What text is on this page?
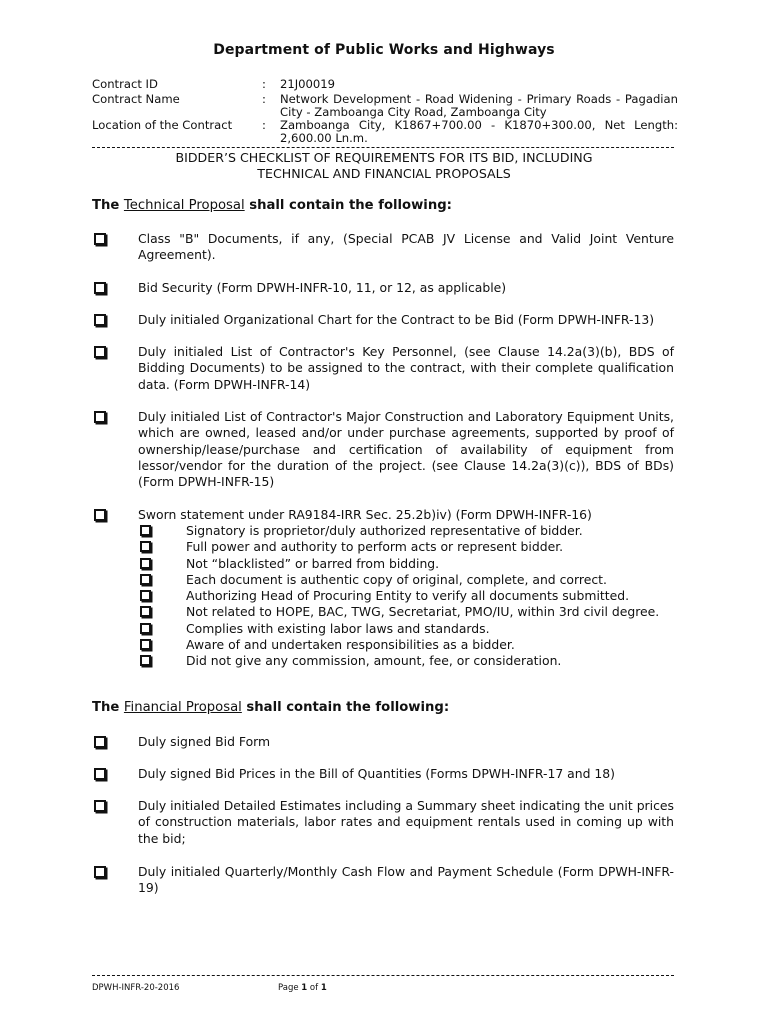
Department of Public Works and Highways
Contract ID	: 21J00019
Contract Name	: Network Development - Road Widening - Primary Roads - Pagadian City - Zamboanga City Road, Zamboanga City
Location of the Contract	: Zamboanga City, K1867+700.00 - K1870+300.00, Net Length: 2,600.00 Ln.m.
BIDDER’S CHECKLIST OF REQUIREMENTS FOR ITS BID, INCLUDING
TECHNICAL AND FINANCIAL PROPOSALS
The Technical Proposal shall contain the following:
Class "B" Documents, if any, (Special PCAB JV License and Valid Joint Venture Agreement).
Bid Security (Form DPWH-INFR-10, 11, or 12, as applicable)
Duly initialed Organizational Chart for the Contract to be Bid (Form DPWH-INFR-13)
Duly initialed List of Contractor's Key Personnel, (see Clause 14.2a(3)(b), BDS of Bidding Documents) to be assigned to the contract, with their complete qualification data. (Form DPWH-INFR-14)
Duly initialed List of Contractor's Major Construction and Laboratory Equipment Units, which are owned, leased and/or under purchase agreements, supported by proof of ownership/lease/purchase and certification of availability of equipment from lessor/vendor for the duration of the project. (see Clause 14.2a(3)(c)), BDS of BDs) (Form DPWH-INFR-15)
Sworn statement under RA9184-IRR Sec. 25.2b)iv) (Form DPWH-INFR-16)
Signatory is proprietor/duly authorized representative of bidder.
Full power and authority to perform acts or represent bidder.
Not “blacklisted” or barred from bidding.
Each document is authentic copy of original, complete, and correct.
Authorizing Head of Procuring Entity to verify all documents submitted.
Not related to HOPE, BAC, TWG, Secretariat, PMO/IU, within 3rd civil degree.
Complies with existing labor laws and standards.
Aware of and undertaken responsibilities as a bidder.
Did not give any commission, amount, fee, or consideration.
The Financial Proposal shall contain the following:
Duly signed Bid Form
Duly signed Bid Prices in the Bill of Quantities (Forms DPWH-INFR-17 and 18)
Duly initialed Detailed Estimates including a Summary sheet indicating the unit prices of construction materials, labor rates and equipment rentals used in coming up with the bid;
Duly initialed Quarterly/Monthly Cash Flow and Payment Schedule (Form DPWH-INFR- 19)
DPWH-INFR-20-2016	Page 1 of 1
